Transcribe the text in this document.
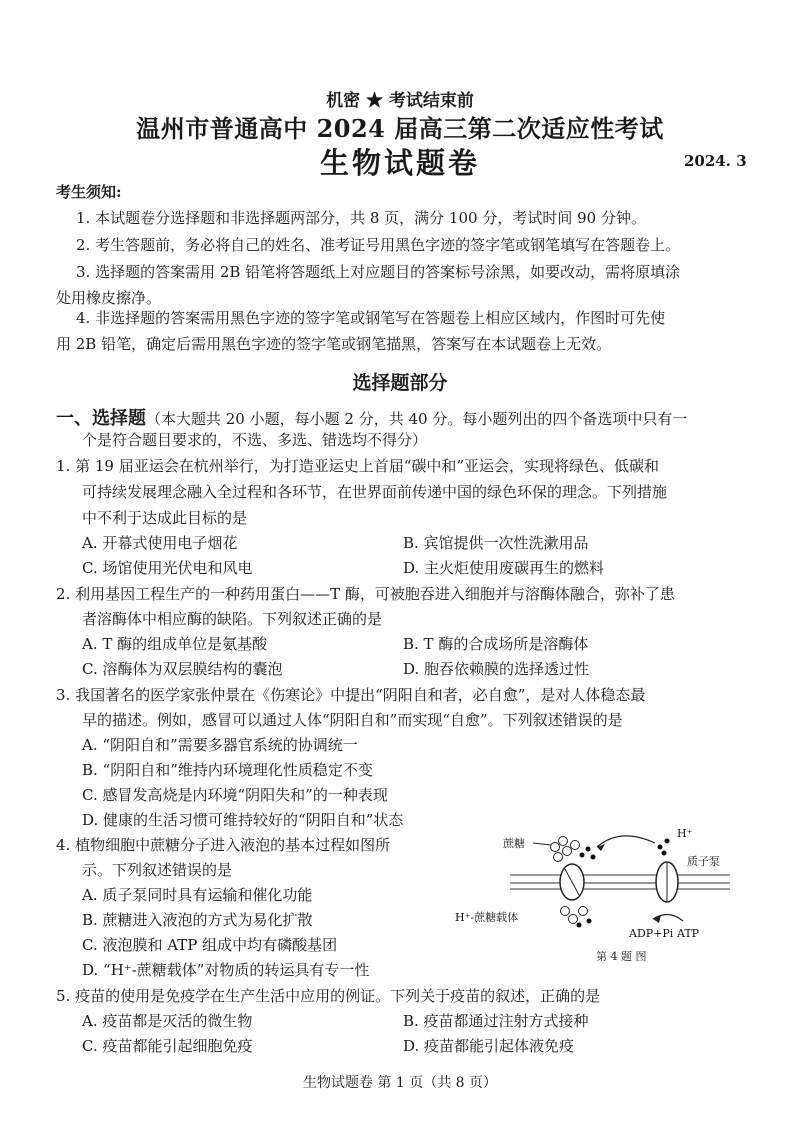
机密 ★ 考试结束前
温州市普通高中 2024 届高三第二次适应性考试
生物试题卷	2024. 3
考生须知:
1. 本试题卷分选择题和非选择题两部分，共 8 页，满分 100 分，考试时间 90 分钟。
2. 考生答题前，务必将自己的姓名、准考证号用黑色字迹的签字笔或钢笔填写在答题卷上。
3. 选择题的答案需用 2B 铅笔将答题纸上对应题目的答案标号涂黑，如要改动，需将原填涂
处用橡皮擦净。
4. 非选择题的答案需用黑色字迹的签字笔或钢笔写在答题卷上相应区域内，作图时可先使
用 2B 铅笔，确定后需用黑色字迹的签字笔或钢笔描黑，答案写在本试题卷上无效。
选择题部分
一、选择题（本大题共 20 小题，每小题 2 分，共 40 分。每小题列出的四个备选项中只有一
个是符合题目要求的，不选、多选、错选均不得分）
1. 第 19 届亚运会在杭州举行，为打造亚运史上首届“碳中和”亚运会，实现将绿色、低碳和
可持续发展理念融入全过程和各环节，在世界面前传递中国的绿色环保的理念。下列措施
中不利于达成此目标的是
A. 开幕式使用电子烟花	B. 宾馆提供一次性洗漱用品
C. 场馆使用光伏电和风电	D. 主火炬使用废碳再生的燃料
2. 利用基因工程生产的一种药用蛋白——T 酶，可被胞吞进入细胞并与溶酶体融合，弥补了患
者溶酶体中相应酶的缺陷。下列叙述正确的是
A. T 酶的组成单位是氨基酸	B. T 酶的合成场所是溶酶体
C. 溶酶体为双层膜结构的囊泡	D. 胞吞依赖膜的选择透过性
3. 我国著名的医学家张仲景在《伤寒论》中提出“阴阳自和者，必自愈”，是对人体稳态最
早的描述。例如，感冒可以通过人体“阴阳自和”而实现“自愈”。下列叙述错误的是
A. “阴阳自和”需要多器官系统的协调统一
B. “阴阳自和”维持内环境理化性质稳定不变
C. 感冒发高烧是内环境“阴阳失和”的一种表现
D. 健康的生活习惯可维持较好的“阴阳自和”状态
4. 植物细胞中蔗糖分子进入液泡的基本过程如图所
示。下列叙述错误的是
A. 质子泵同时具有运输和催化功能
B. 蔗糖进入液泡的方式为易化扩散
C. 液泡膜和 ATP 组成中均有磷酸基团
D. “H⁺-蔗糖载体”对物质的转运具有专一性
蔗糖
H⁺
质子泵
H⁺-蔗糖载体
ADP+Pi ATP
第 4 题 图
5. 疫苗的使用是免疫学在生产生活中应用的例证。下列关于疫苗的叙述，正确的是
A. 疫苗都是灭活的微生物	B. 疫苗都通过注射方式接种
C. 疫苗都能引起细胞免疫	D. 疫苗都能引起体液免疫
生物试题卷 第 1 页（共 8 页）
